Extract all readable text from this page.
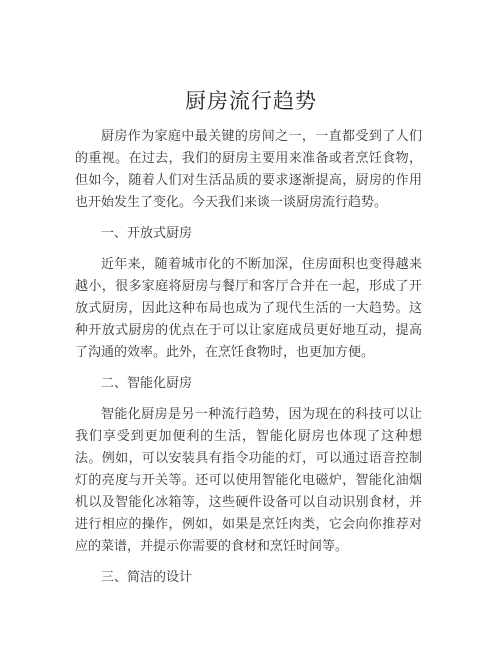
厨房流行趋势

厨房作为家庭中最关键的房间之一，一直都受到了人们的重视。在过去，我们的厨房主要用来准备或者烹饪食物，但如今，随着人们对生活品质的要求逐渐提高，厨房的作用也开始发生了变化。今天我们来谈一谈厨房流行趋势。

一、开放式厨房

近年来，随着城市化的不断加深，住房面积也变得越来越小，很多家庭将厨房与餐厅和客厅合并在一起，形成了开放式厨房，因此这种布局也成为了现代生活的一大趋势。这种开放式厨房的优点在于可以让家庭成员更好地互动，提高了沟通的效率。此外，在烹饪食物时，也更加方便。

二、智能化厨房

智能化厨房是另一种流行趋势，因为现在的科技可以让我们享受到更加便利的生活，智能化厨房也体现了这种想法。例如，可以安装具有指令功能的灯，可以通过语音控制灯的亮度与开关等。还可以使用智能化电磁炉，智能化油烟机以及智能化冰箱等，这些硬件设备可以自动识别食材，并进行相应的操作，例如，如果是烹饪肉类，它会向你推荐对应的菜谱，并提示你需要的食材和烹饪时间等。

三、简洁的设计
